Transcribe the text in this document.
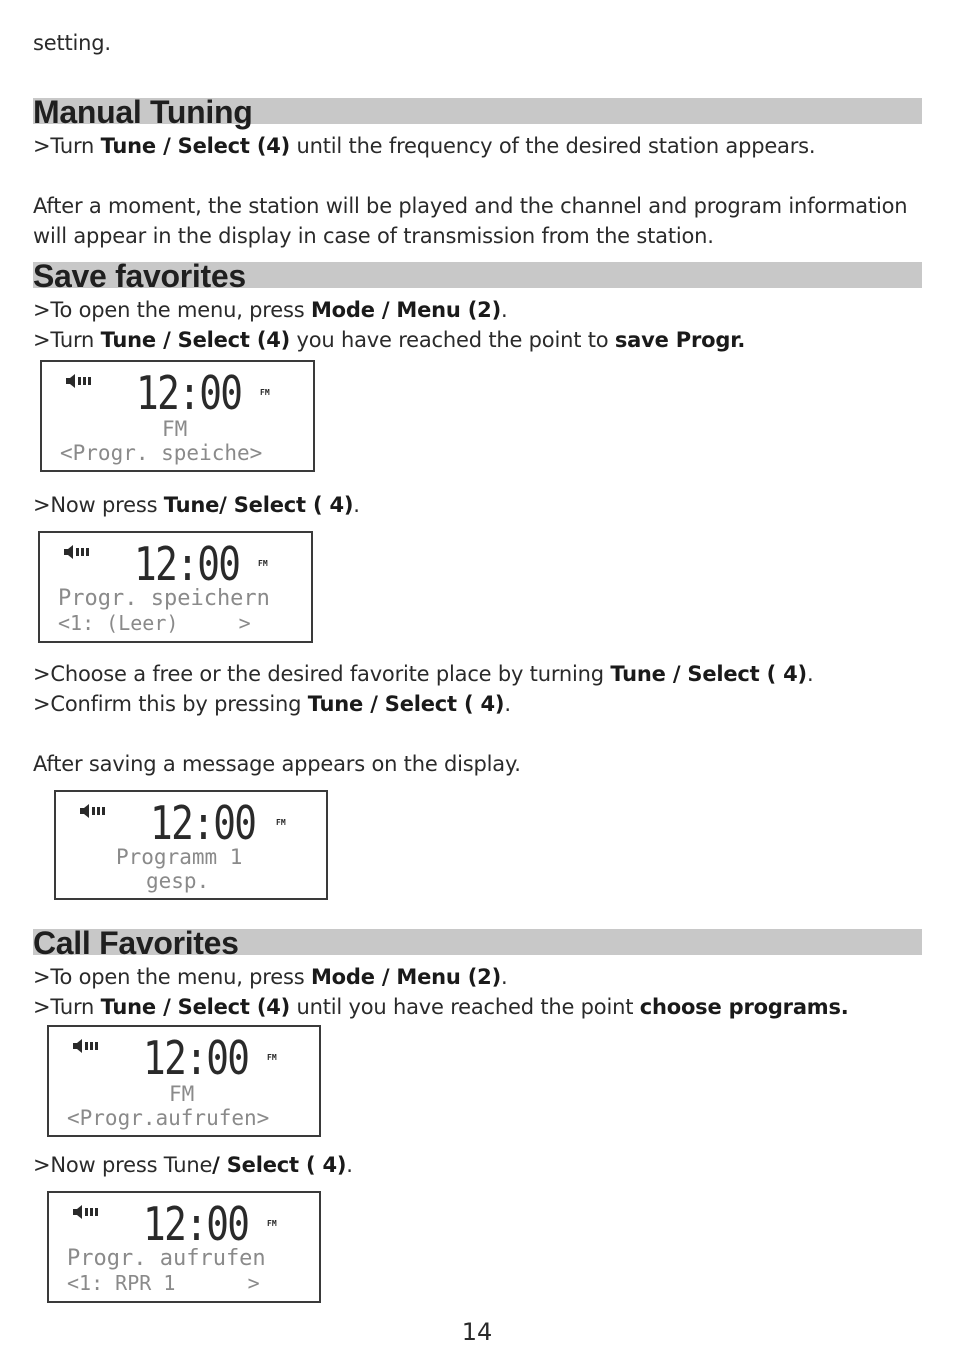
setting.
Manual Tuning
>Turn Tune / Select (4) until the frequency of the desired station appears.
After a moment, the station will be played and the channel and program information
will appear in the display in case of transmission from the station.
Save favorites
>To open the menu, press Mode / Menu (2).
>Turn Tune / Select (4) you have reached the point to save Progr.
12:00 FM
FM
<Progr. speiche>
>Now press Tune/ Select ( 4).
12:00 FM
Progr. speichern
<1: (Leer)     >
>Choose a free or the desired favorite place by turning Tune / Select ( 4).
>Confirm this by pressing Tune / Select ( 4).
After saving a message appears on the display.
12:00	FM
Programm 1
gesp.
Call Favorites
>To open the menu, press Mode / Menu (2).
>Turn Tune / Select (4) until you have reached the point choose programs.
12:00 FM
FM
<Progr.aufrufen>
>Now press Tune/ Select ( 4).
12:00 FM
Progr. aufrufen
<1: RPR 1      >
14
